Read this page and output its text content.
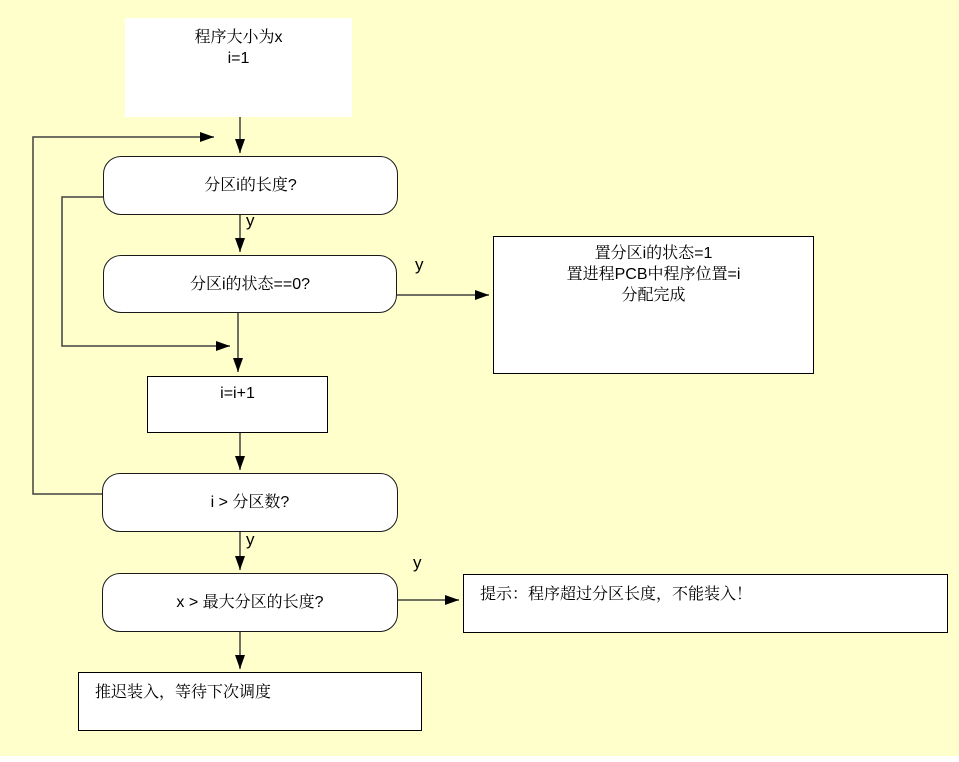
程序大小为x
i=1
分区i的长度?
分区i的状态==0?
置分区i的状态=1
置进程PCB中程序位置=i
分配完成
i=i+1
i > 分区数?
x > 最大分区的长度?	提示：程序超过分区长度，不能装入！
推迟装入，等待下次调度
y
y
y
y
